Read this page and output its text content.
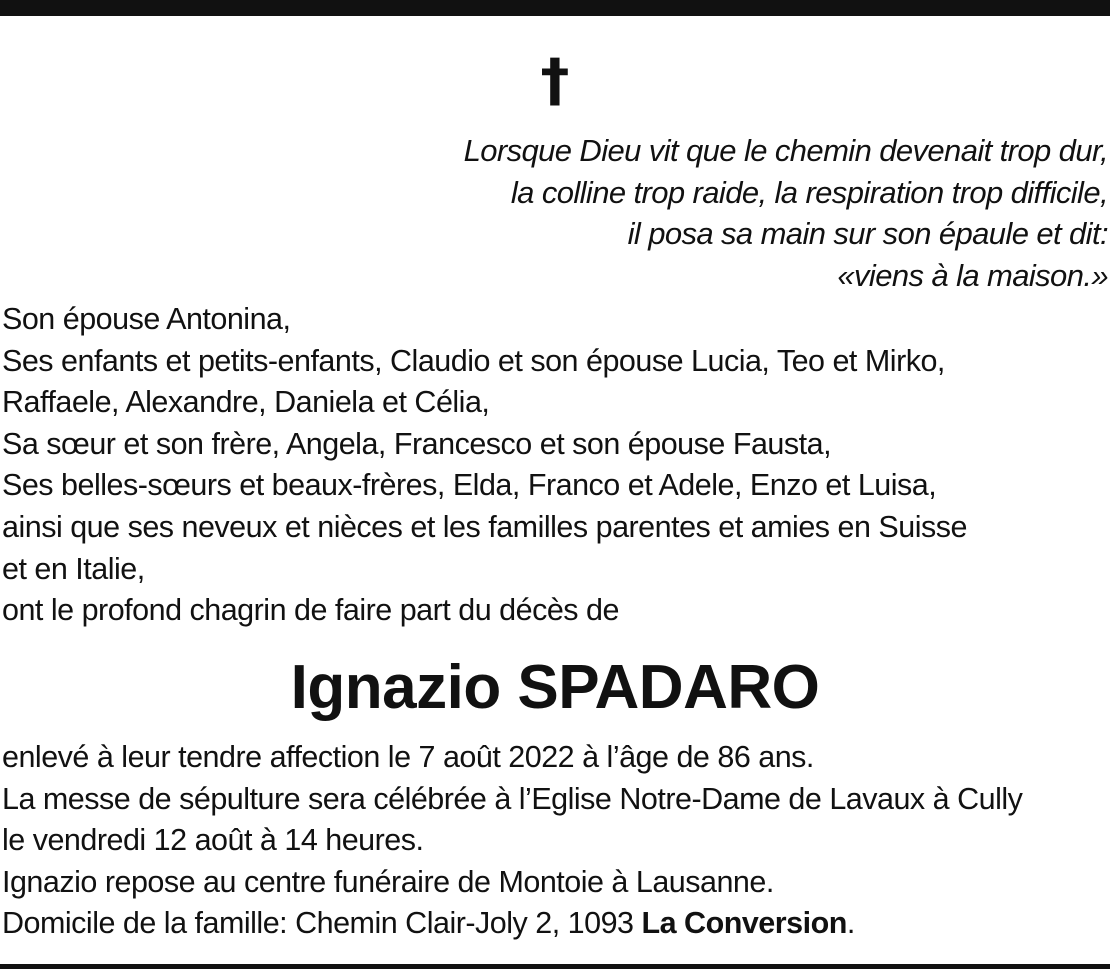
†
Lorsque Dieu vit que le chemin devenait trop dur,
la colline trop raide, la respiration trop difficile,
il posa sa main sur son épaule et dit:
«viens à la maison.»
Son épouse Antonina,
Ses enfants et petits-enfants, Claudio et son épouse Lucia, Teo et Mirko,
Raffaele, Alexandre, Daniela et Célia,
Sa sœur et son frère, Angela, Francesco et son épouse Fausta,
Ses belles-sœurs et beaux-frères, Elda, Franco et Adele, Enzo et Luisa,
ainsi que ses neveux et nièces et les familles parentes et amies en Suisse
et en Italie,
ont le profond chagrin de faire part du décès de
Ignazio SPADARO
enlevé à leur tendre affection le 7 août 2022 à l’âge de 86 ans.
La messe de sépulture sera célébrée à l’Eglise Notre-Dame de Lavaux à Cully
le vendredi 12 août à 14 heures.
Ignazio repose au centre funéraire de Montoie à Lausanne.
Domicile de la famille: Chemin Clair-Joly 2, 1093 La Conversion.
